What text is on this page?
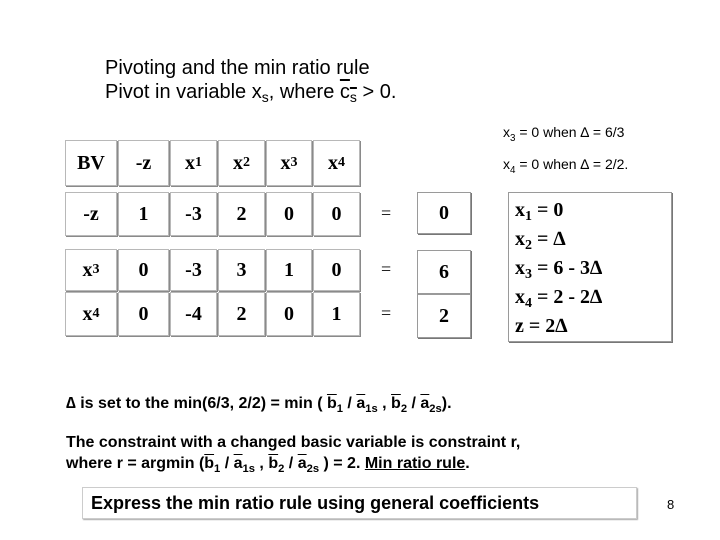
Pivoting and the min ratio rule
Pivot in variable $x_s$, where $c_s > 0$.
$x_3 = 0$ when ∆ = 6/3
$x_4 = 0$ when ∆ = 2/2.
BV -z x 1 x 2 x 3 x 4
-z 1 -3 2 0 0 = 0
x 3 0 -3 3 1 0 = 6
x 4 0 -4 2 0 1 = 2
$x_1 = 0$
$x_2$ = ∆
$x_3 = 6 - 3\Delta$
$x_4 = 2 - 2\Delta$
z = 2∆
∆ is set to the min(6/3, 2/2) = min ( $\overline{b}_1 / \overline{a}_{1s}$ , $\overline{b}_2 / \overline{a}_{2s}$).
The constraint with a changed basic variable is constraint r,
where r = argmin ($\overline{b}_1 / \overline{a}_{1s}$ , $\overline{b}_2 / \overline{a}_{2s}$ ) = 2. Min ratio rule.
Express the min ratio rule using general coefficients	8
